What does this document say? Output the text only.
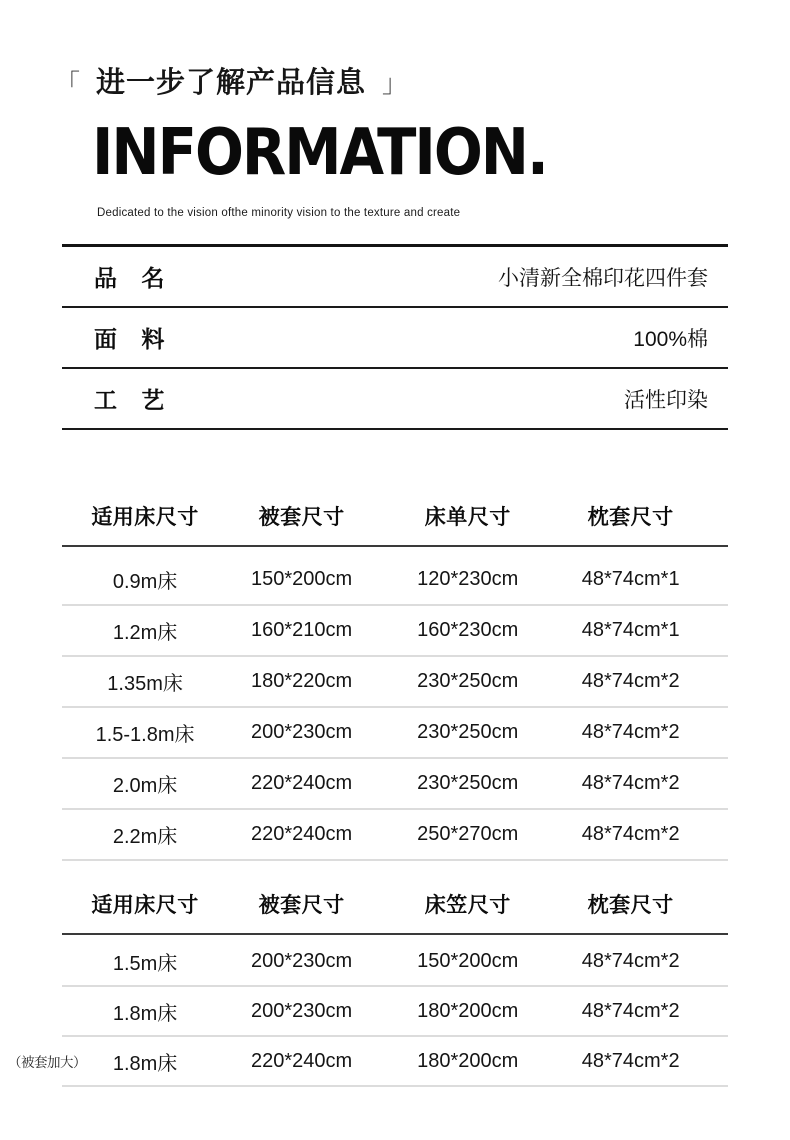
「 进一步了解产品信息 」
INFORMATION.
Dedicated to the vision ofthe minority vision to the texture and create
品 名	小清新全棉印花四件套
面 料	100%棉
工 艺	活性印染
适用床尺寸	被套尺寸	床单尺寸	枕套尺寸
0.9m床	150*200cm	120*230cm	48*74cm*1
1.2m床	160*210cm	160*230cm	48*74cm*1
1.35m床	180*220cm	230*250cm	48*74cm*2
1.5-1.8m床	200*230cm	230*250cm	48*74cm*2
2.0m床	220*240cm	230*250cm	48*74cm*2
2.2m床	220*240cm	250*270cm	48*74cm*2
适用床尺寸	被套尺寸	床笠尺寸	枕套尺寸
1.5m床	200*230cm	150*200cm	48*74cm*2
1.8m床	200*230cm	180*200cm	48*74cm*2
（被套加大）	1.8m床	220*240cm	180*200cm	48*74cm*2
